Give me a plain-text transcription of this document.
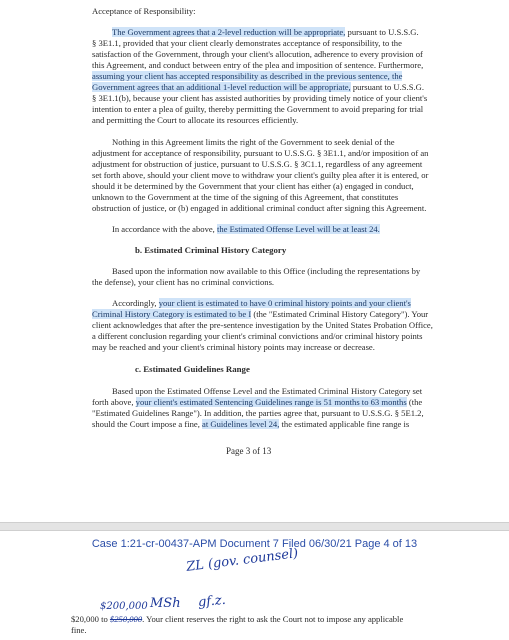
Acceptance of Responsibility:
The Government agrees that a 2-level reduction will be appropriate, pursuant to U.S.S.G.
§ 3E1.1, provided that your client clearly demonstrates acceptance of responsibility, to the
satisfaction of the Government, through your client's allocution, adherence to every provision of
this Agreement, and conduct between entry of the plea and imposition of sentence. Furthermore,
assuming your client has accepted responsibility as described in the previous sentence, the
Government agrees that an additional 1-level reduction will be appropriate, pursuant to U.S.S.G.
§ 3E1.1(b), because your client has assisted authorities by providing timely notice of your client's
intention to enter a plea of guilty, thereby permitting the Government to avoid preparing for trial
and permitting the Court to allocate its resources efficiently.
Nothing in this Agreement limits the right of the Government to seek denial of the
adjustment for acceptance of responsibility, pursuant to U.S.S.G. § 3E1.1, and/or imposition of an
adjustment for obstruction of justice, pursuant to U.S.S.G. § 3C1.1, regardless of any agreement
set forth above, should your client move to withdraw your client's guilty plea after it is entered, or
should it be determined by the Government that your client has either (a) engaged in conduct,
unknown to the Government at the time of the signing of this Agreement, that constitutes
obstruction of justice, or (b) engaged in additional criminal conduct after signing this Agreement.
In accordance with the above, the Estimated Offense Level will be at least 24.
b. Estimated Criminal History Category
Based upon the information now available to this Office (including the representations by
the defense), your client has no criminal convictions.
Accordingly, your client is estimated to have 0 criminal history points and your client's
Criminal History Category is estimated to be I (the "Estimated Criminal History Category"). Your
client acknowledges that after the pre-sentence investigation by the United States Probation Office,
a different conclusion regarding your client's criminal convictions and/or criminal history points
may be reached and your client's criminal history points may increase or decrease.
c. Estimated Guidelines Range
Based upon the Estimated Offense Level and the Estimated Criminal History Category set
forth above, your client's estimated Sentencing Guidelines range is 51 months to 63 months (the
"Estimated Guidelines Range"). In addition, the parties agree that, pursuant to U.S.S.G. § 5E1.2,
should the Court impose a fine, at Guidelines level 24, the estimated applicable fine range is
Page 3 of 13
Case 1:21-cr-00437-APM Document 7 Filed 06/30/21 Page 4 of 13
ZL (gov. counsel)
$200,000 MSh gf.z.
$20,000 to $250,000. Your client reserves the right to ask the Court not to impose any applicable
fine.
